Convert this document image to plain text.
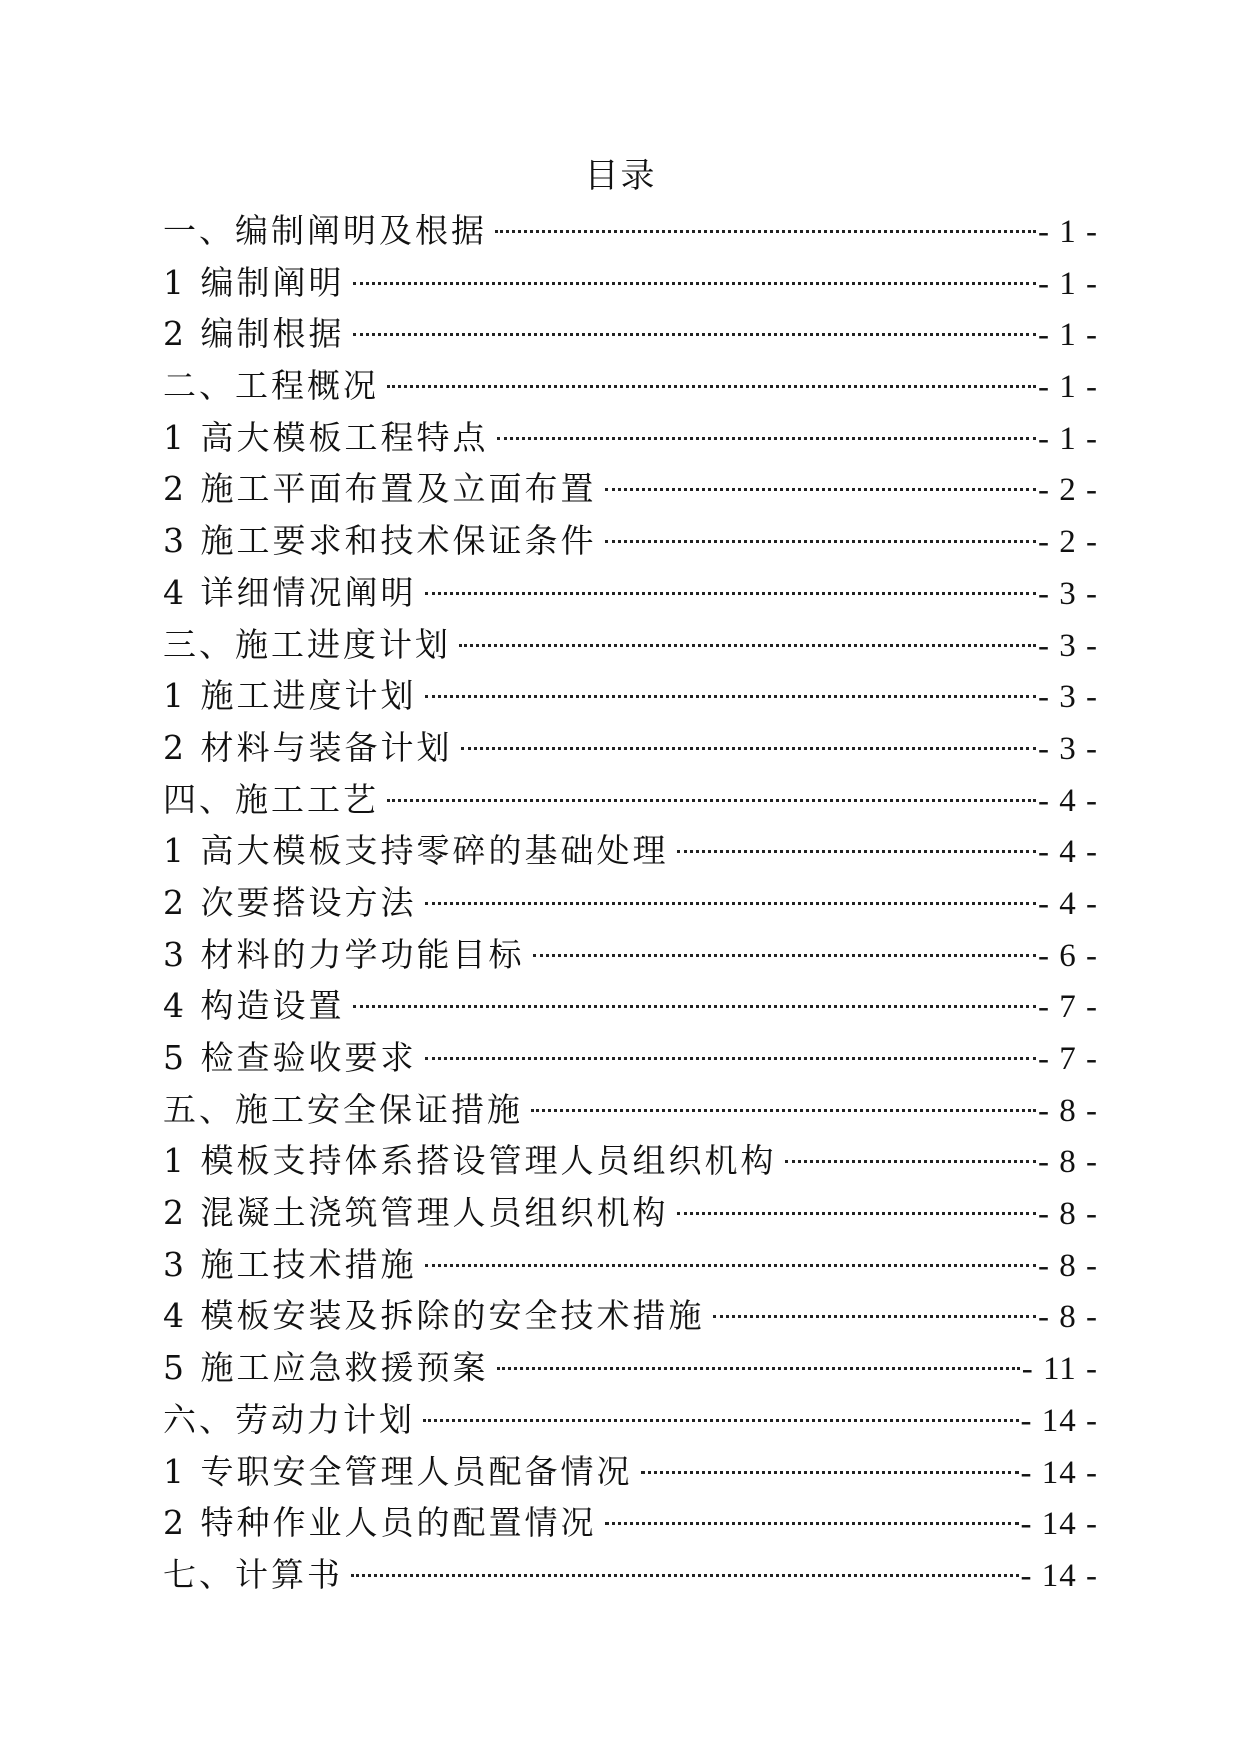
目录
一、编制阐明及根据	- 1 -
1 编制阐明	- 1 -
2 编制根据	- 1 -
二、工程概况	- 1 -
1 高大模板工程特点	- 1 -
2 施工平面布置及立面布置	- 2 -
3 施工要求和技术保证条件	- 2 -
4 详细情况阐明	- 3 -
三、施工进度计划	- 3 -
1 施工进度计划	- 3 -
2 材料与装备计划	- 3 -
四、施工工艺	- 4 -
1 高大模板支持零碎的基础处理	- 4 -
2 次要搭设方法	- 4 -
3 材料的力学功能目标	- 6 -
4 构造设置	- 7 -
5 检查验收要求	- 7 -
五、施工安全保证措施	- 8 -
1 模板支持体系搭设管理人员组织机构	- 8 -
2 混凝土浇筑管理人员组织机构	- 8 -
3 施工技术措施	- 8 -
4 模板安装及拆除的安全技术措施	- 8 -
5 施工应急救援预案	- 11 -
六、劳动力计划	- 14 -
1 专职安全管理人员配备情况	- 14 -
2 特种作业人员的配置情况	- 14 -
七、计算书	- 14 -
